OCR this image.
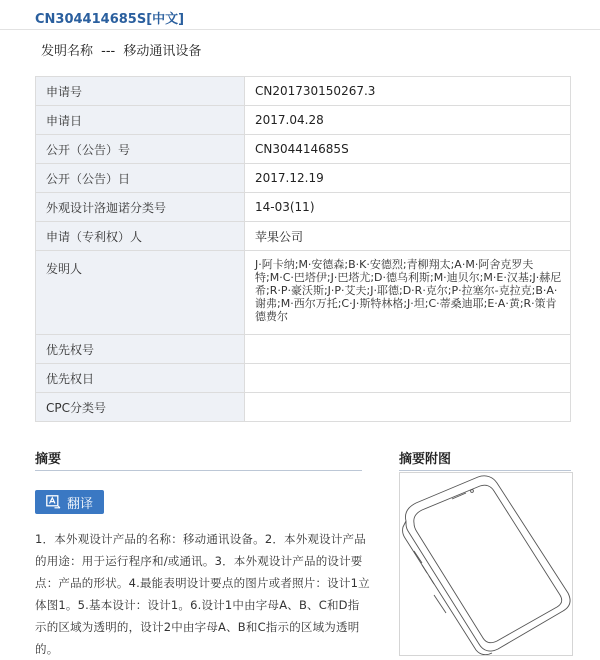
CN304414685S[中文]
发明名称 --- 移动通讯设备
申请号	CN201730150267.3
申请日	2017.04.28
公开（公告）号	CN304414685S
公开（公告）日	2017.12.19
外观设计洛迦诺分类号	14-03(11)
申请（专利权）人	苹果公司
发明人	J·阿卡纳;M·安德森;B·K·安德烈;青柳翔太;A·M·阿舍克罗夫特;M·C·巴塔伊;J·巴塔尤;D·德乌利斯;M·迪贝尔;M·E·汉基;J·赫尼希;R·P·豪沃斯;J·P·艾夫;J·耶德;D·R·克尔;P·拉塞尔-克拉克;B·A·谢弗;M·西尔万托;C·J·斯特林格;J·坦;C·蒂桑迪耶;E·A·黄;R·策肯德费尔
优先权号	
优先权日	
CPC分类号	
摘要	摘要附图
翻译
1．本外观设计产品的名称：移动通讯设备。2．本外观设计产品的用途：用于运行程序和/或通讯。3．本外观设计产品的设计要点：产品的形状。4.最能表明设计要点的图片或者照片：设计1立体图1。5.基本设计：设计1。6.设计1中由字母A、B、C和D指示的区域为透明的，设计2中由字母A、B和C指示的区域为透明的。
